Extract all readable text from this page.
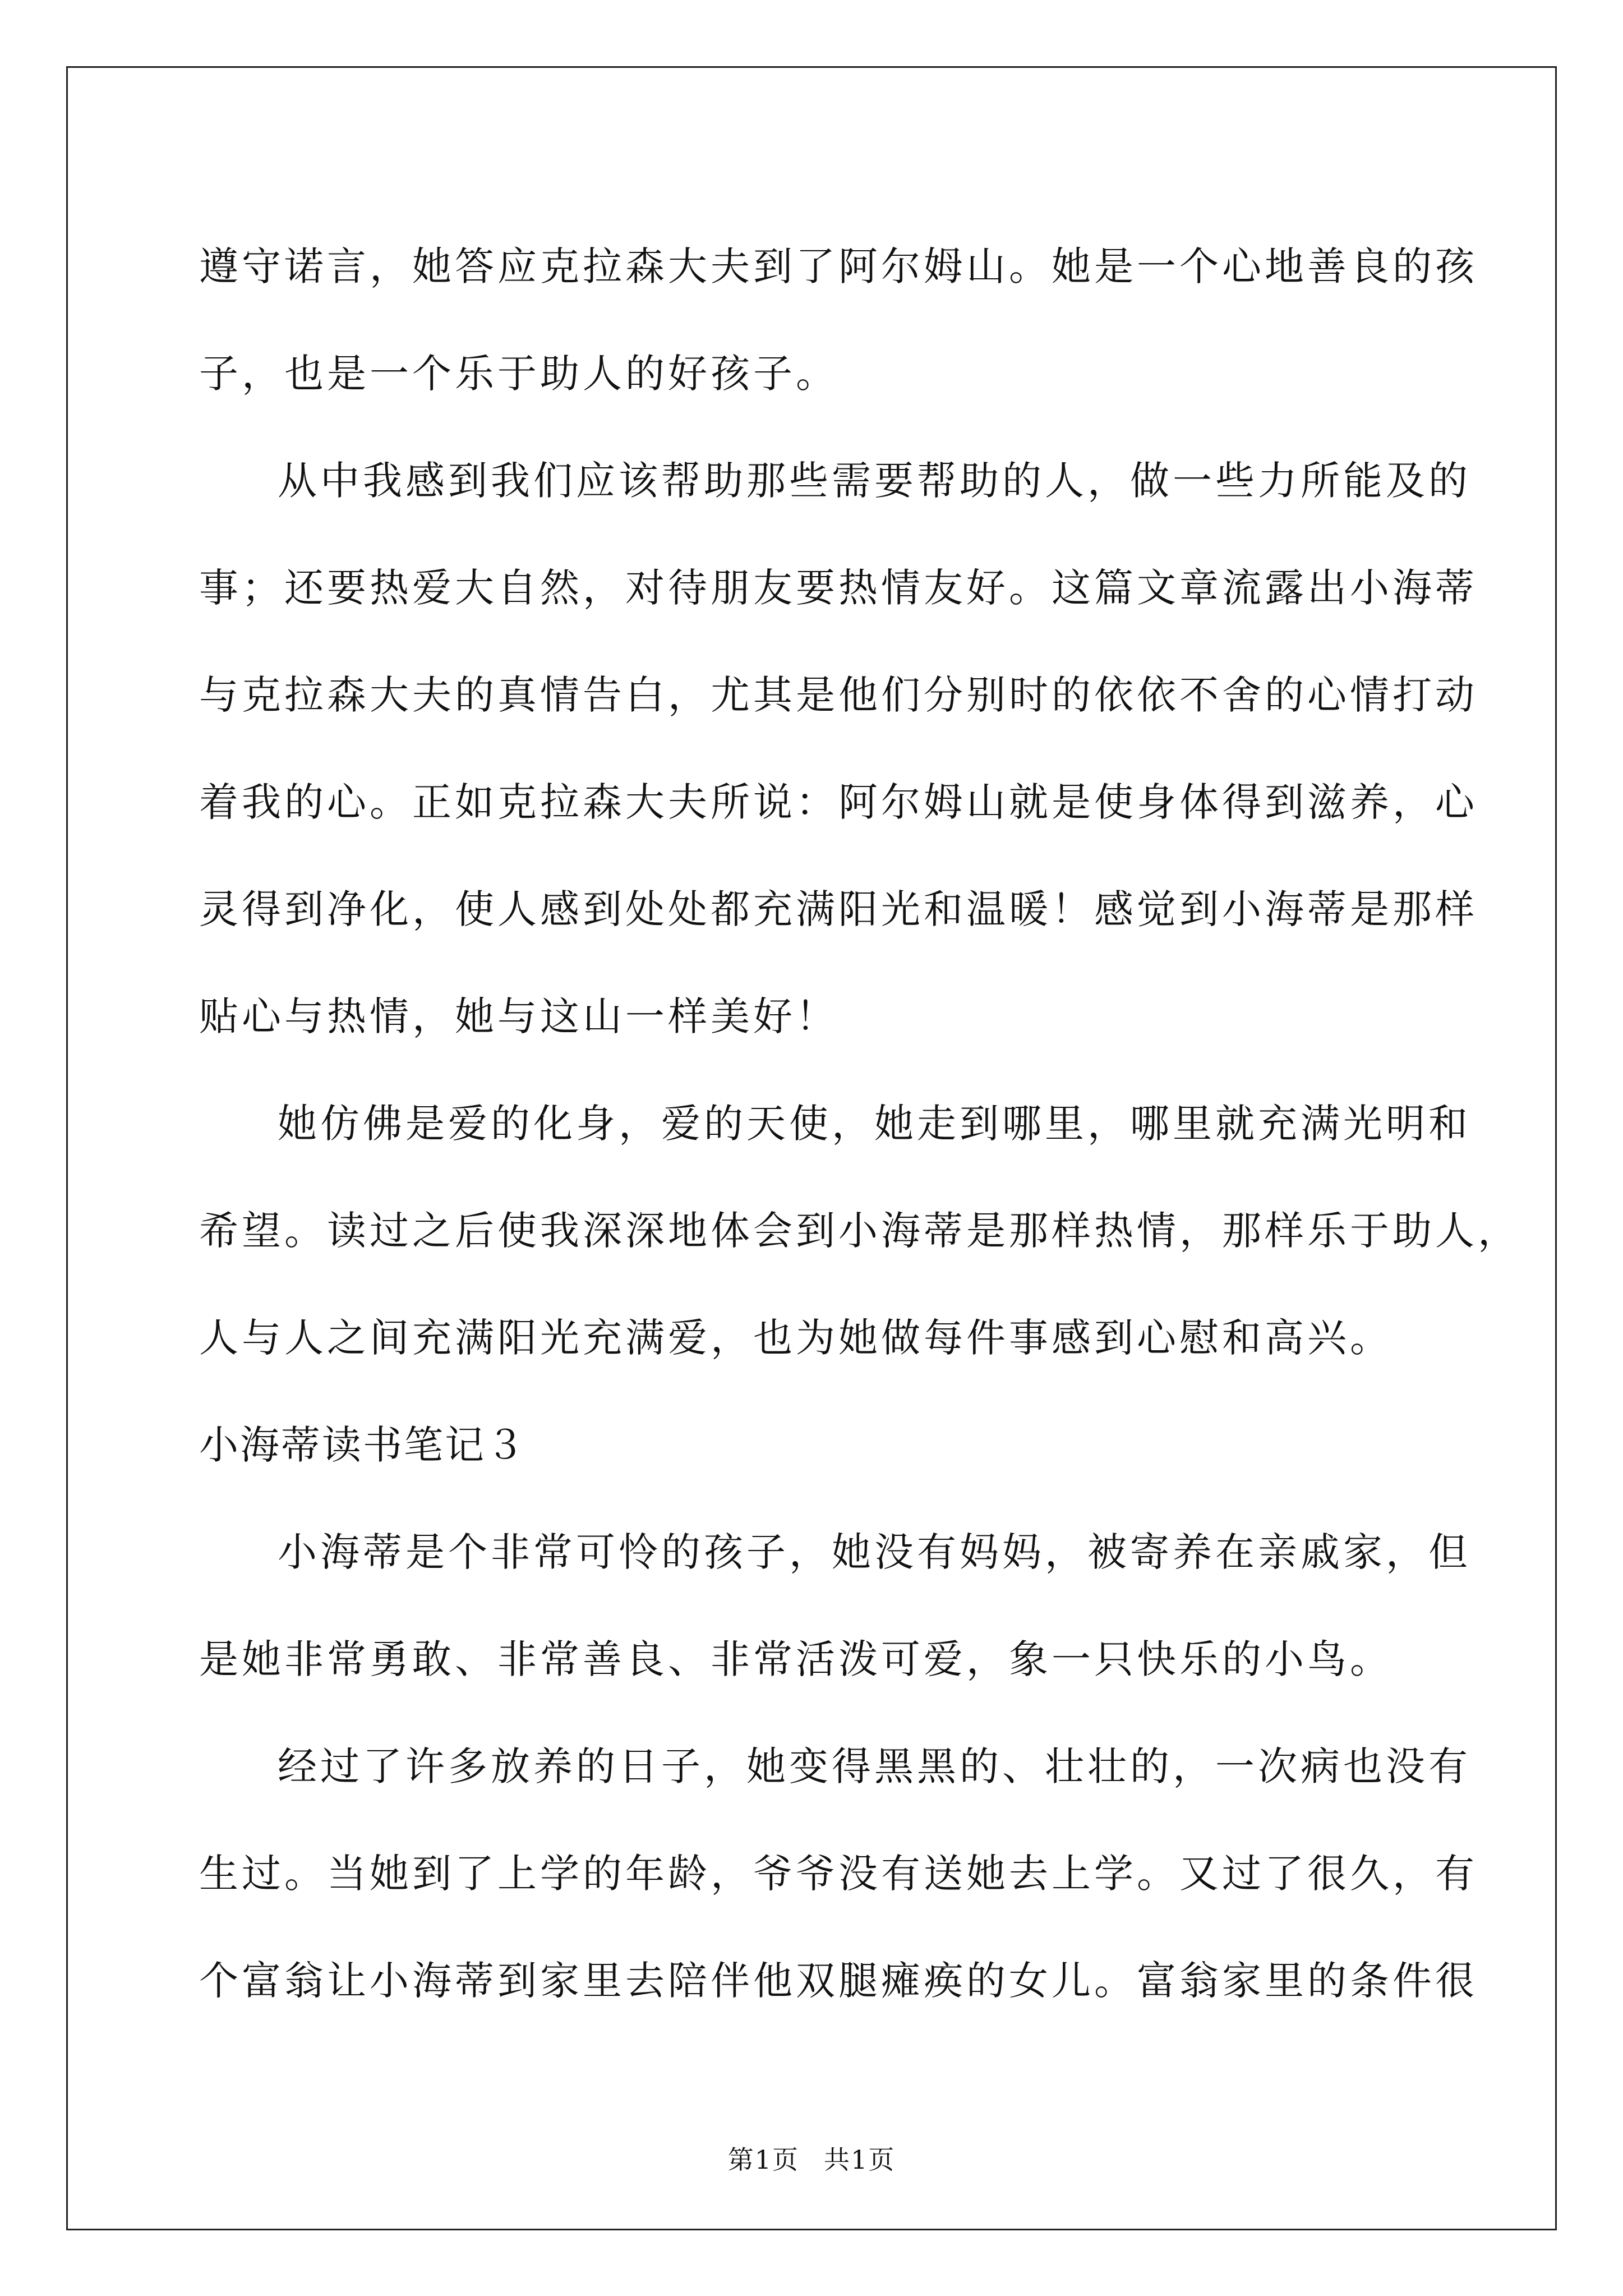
遵守诺言，她答应克拉森大夫到了阿尔姆山。她是一个心地善良的孩
子，也是一个乐于助人的好孩子。

从中我感到我们应该帮助那些需要帮助的人，做一些力所能及的
事；还要热爱大自然，对待朋友要热情友好。这篇文章流露出小海蒂
与克拉森大夫的真情告白，尤其是他们分别时的依依不舍的心情打动
着我的心。正如克拉森大夫所说：阿尔姆山就是使身体得到滋养，心
灵得到净化，使人感到处处都充满阳光和温暖！感觉到小海蒂是那样
贴心与热情，她与这山一样美好！

她仿佛是爱的化身，爱的天使，她走到哪里，哪里就充满光明和
希望。读过之后使我深深地体会到小海蒂是那样热情，那样乐于助人，
人与人之间充满阳光充满爱，也为她做每件事感到心慰和高兴。

小海蒂读书笔记３

小海蒂是个非常可怜的孩子，她没有妈妈，被寄养在亲戚家，但
是她非常勇敢、非常善良、非常活泼可爱，象一只快乐的小鸟。

经过了许多放养的日子，她变得黑黑的、壮壮的，一次病也没有
生过。当她到了上学的年龄，爷爷没有送她去上学。又过了很久，有
个富翁让小海蒂到家里去陪伴他双腿瘫痪的女儿。富翁家里的条件很

第1页 共1页
